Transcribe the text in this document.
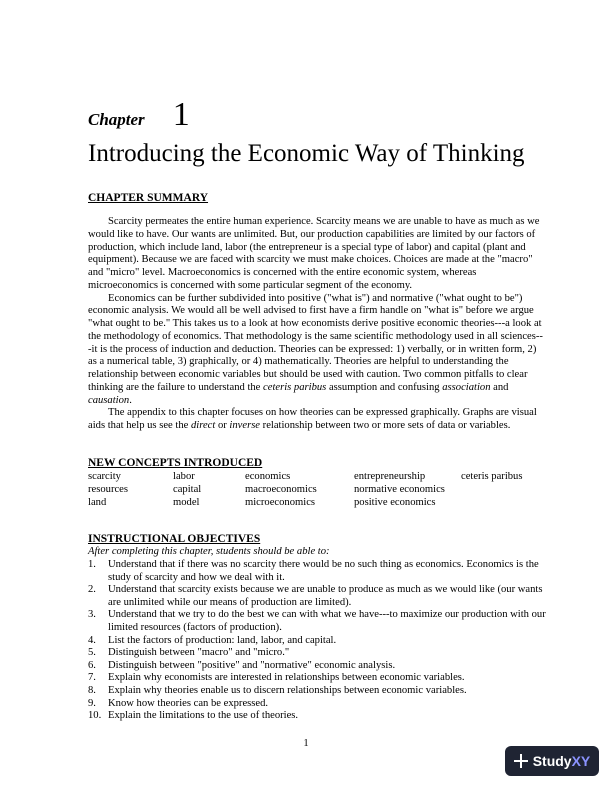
Chapter 1
Introducing the Economic Way of Thinking
CHAPTER SUMMARY

Scarcity permeates the entire human experience. Scarcity means we are unable to have as much as we would like to have. Our wants are unlimited. But, our production capabilities are limited by our factors of production, which include land, labor (the entrepreneur is a special type of labor) and capital (plant and equipment). Because we are faced with scarcity we must make choices. Choices are made at the "macro" and "micro" level. Macroeconomics is concerned with the entire economic system, whereas microeconomics is concerned with some particular segment of the economy.

Economics can be further subdivided into positive ("what is") and normative ("what ought to be") economic analysis. We would all be well advised to first have a firm handle on "what is" before we argue "what ought to be." This takes us to a look at how economists derive positive economic theories---a look at the methodology of economics. That methodology is the same scientific methodology used in all sciences---it is the process of induction and deduction. Theories can be expressed: 1) verbally, or in written form, 2) as a numerical table, 3) graphically, or 4) mathematically. Theories are helpful to understanding the relationship between economic variables but should be used with caution. Two common pitfalls to clear thinking are the failure to understand the ceteris paribus assumption and confusing association and causation.

The appendix to this chapter focuses on how theories can be expressed graphically. Graphs are visual aids that help us see the direct or inverse relationship between two or more sets of data or variables.

NEW CONCEPTS INTRODUCED
scarcity	labor	economics	entrepreneurship	ceteris paribus
resources	capital	macroeconomics	normative economics
land	model	microeconomics	positive economics
INSTRUCTIONAL OBJECTIVES
After completing this chapter, students should be able to:
1. Understand that if there was no scarcity there would be no such thing as economics. Economics is the study of scarcity and how we deal with it.
2. Understand that scarcity exists because we are unable to produce as much as we would like (our wants are unlimited while our means of production are limited).
3. Understand that we try to do the best we can with what we have---to maximize our production with our limited resources (factors of production).
4. List the factors of production: land, labor, and capital.
5. Distinguish between "macro" and "micro."
6. Distinguish between "positive" and "normative" economic analysis.
7. Explain why economists are interested in relationships between economic variables.
8. Explain why theories enable us to discern relationships between economic variables.
9. Know how theories can be expressed.
10. Explain the limitations to the use of theories.
1
Study XY
